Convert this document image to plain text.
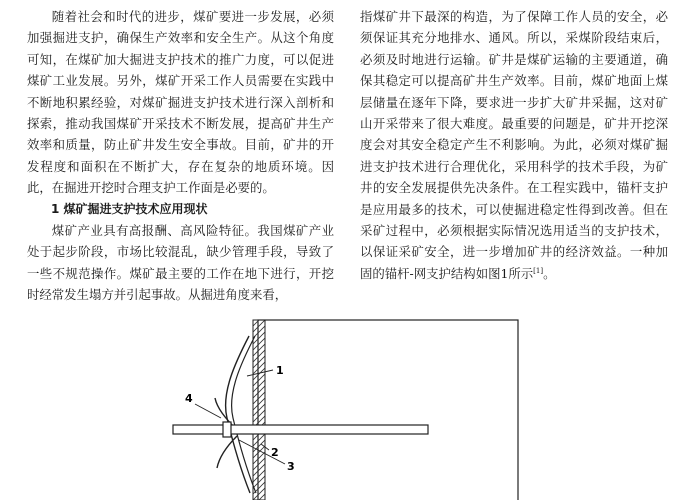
随着社会和时代的进步，煤矿要进一步发展，必须加强掘进支护，确保生产效率和安全生产。从这个角度可知，在煤矿加大掘进支护技术的推广力度，可以促进煤矿工业发展。另外，煤矿开采工作人员需要在实践中不断地积累经验，对煤矿掘进支护技术进行深入剖析和探索，推动我国煤矿开采技术不断发展，提高矿井生产效率和质量，防止矿井发生安全事故。目前，矿井的开发程度和面积在不断扩大，存在复杂的地质环境。因此，在掘进开挖时合理支护工作面是必要的。

1 煤矿掘进支护技术应用现状

煤矿产业具有高报酬、高风险特征。我国煤矿产业处于起步阶段，市场比较混乱，缺少管理手段，导致了一些不规范操作。煤矿最主要的工作在地下进行，开挖时经常发生塌方并引起事故。从掘进角度来看，

指煤矿井下最深的构造，为了保障工作人员的安全，必须保证其充分地排水、通风。所以，采煤阶段结束后，必须及时地进行运输。矿井是煤矿运输的主要通道，确保其稳定可以提高矿井生产效率。目前，煤矿地面上煤层储量在逐年下降，要求进一步扩大矿井采掘，这对矿山开采带来了很大难度。最重要的问题是，矿井开挖深度会对其安全稳定产生不利影响。为此，必须对煤矿掘进支护技术进行合理优化，采用科学的技术手段，为矿井的安全发展提供先决条件。在工程实践中，锚杆支护是应用最多的技术，可以使掘进稳定性得到改善。但在采矿过程中，必须根据实际情况选用适当的支护技术，以保证采矿安全，进一步增加矿井的经济效益。一种加固的锚杆-网支护结构如图1所示[1]。

1
4
2
3
